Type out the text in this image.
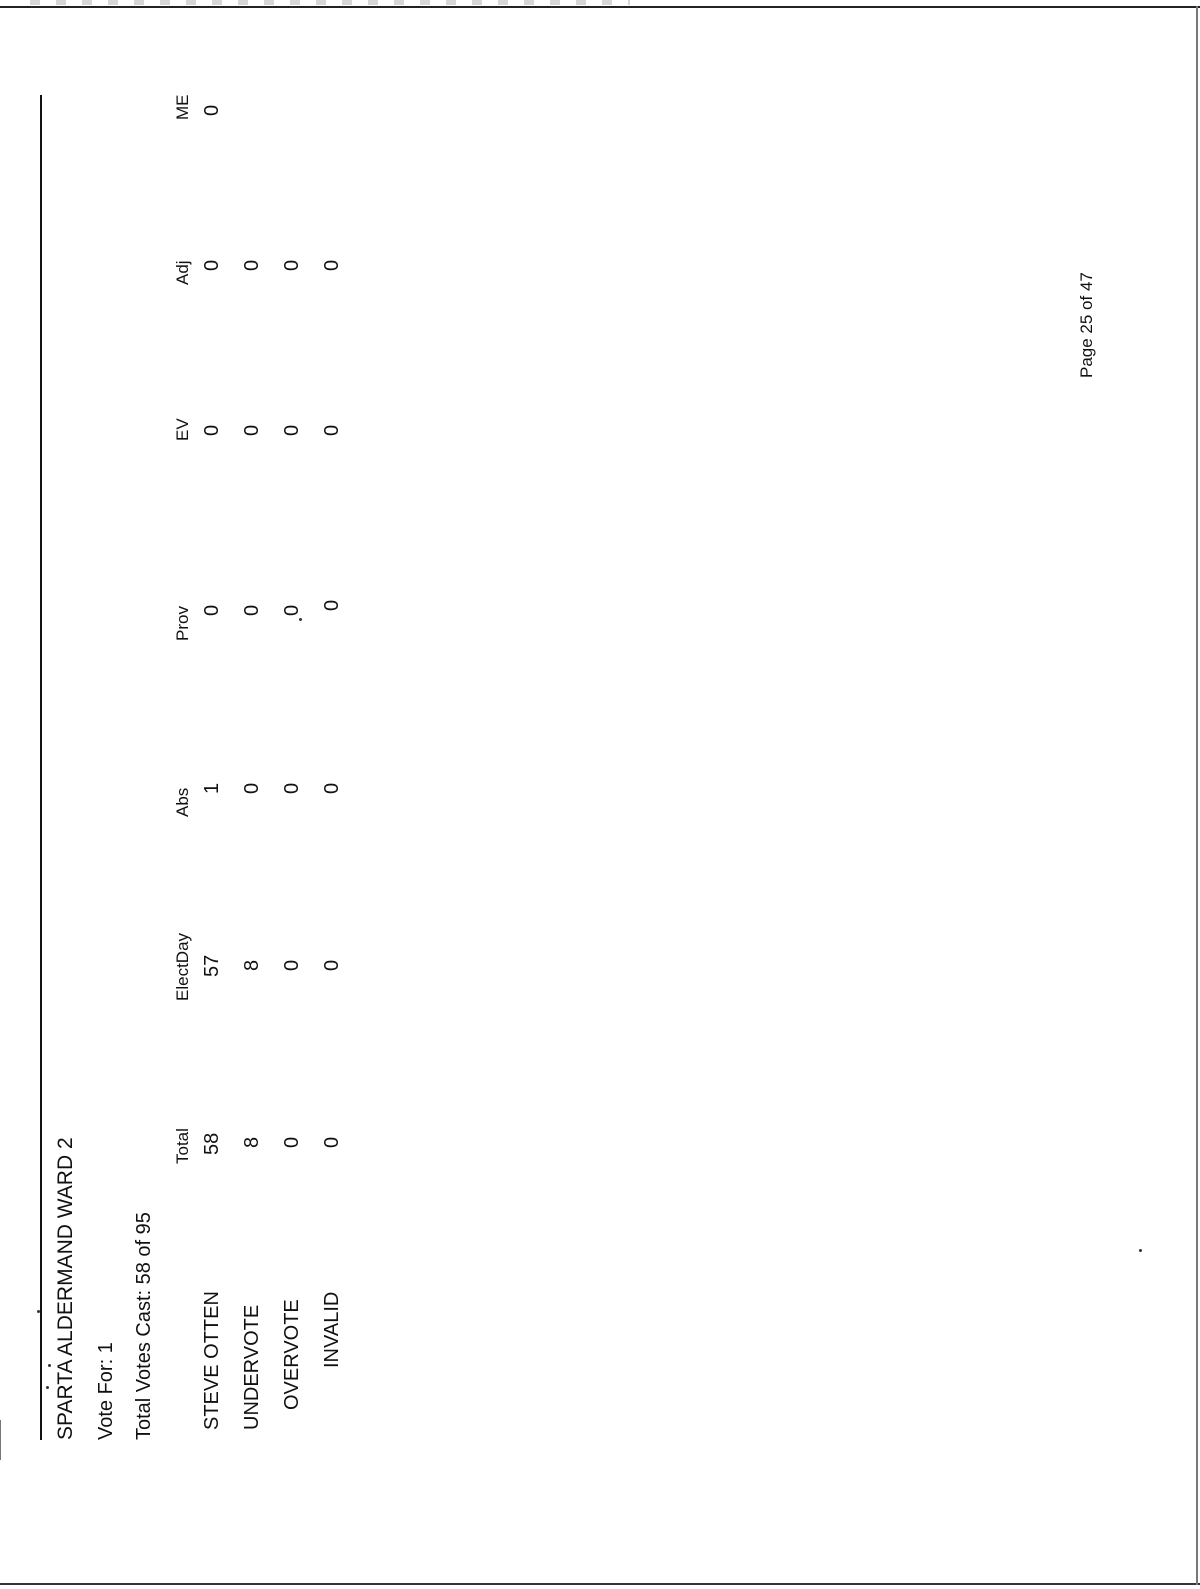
SPARTA ALDERMAND WARD 2 Vote For: 1 Total Votes Cast: 58 of 95
Total
ElectDay
Abs
Prov
EV
Adj
ME
STEVE OTTEN
58
57
1
0
0
0
0
UNDERVOTE
8
8
0
0
0
0
OVERVOTE
0
0
0
0
0
0
INVALID
0
0
0
0
0
0
Page 25 of 47
